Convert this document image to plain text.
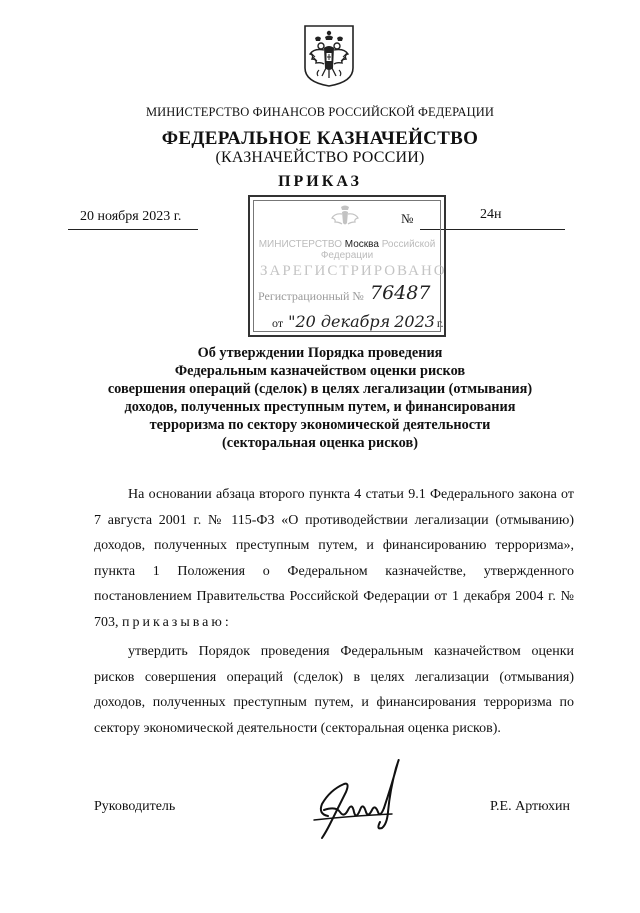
МИНИСТЕРСТВО ФИНАНСОВ РОССИЙСКОЙ ФЕДЕРАЦИИ
ФЕДЕРАЛЬНОЕ КАЗНАЧЕЙСТВО
(КАЗНАЧЕЙСТВО РОССИИ)
ПРИКАЗ
20 ноября 2023 г.	№	24н
МИНИСТЕРСТВО Москва Российской Федерации
ЗАРЕГИСТРИРОВАНО
Регистрационный № 76487
от "20 декабря 2023 г.
Об утверждении Порядка проведения
Федеральным казначейством оценки рисков
совершения операций (сделок) в целях легализации (отмывания)
доходов, полученных преступным путем, и финансирования
терроризма по сектору экономической деятельности
(секторальная оценка рисков)
На основании абзаца второго пункта 4 статьи 9.1 Федерального закона от 7 августа 2001 г. № 115-ФЗ «О противодействии легализации (отмыванию) доходов, полученных преступным путем, и финансированию терроризма», пункта 1 Положения о Федеральном казначействе, утвержденного постановлением Правительства Российской Федерации от 1 декабря 2004 г. № 703, приказываю:
утвердить Порядок проведения Федеральным казначейством оценки рисков совершения операций (сделок) в целях легализации (отмывания) доходов, полученных преступным путем, и финансирования терроризма по сектору экономической деятельности (секторальная оценка рисков).
Руководитель	Р.Е. Артюхин
